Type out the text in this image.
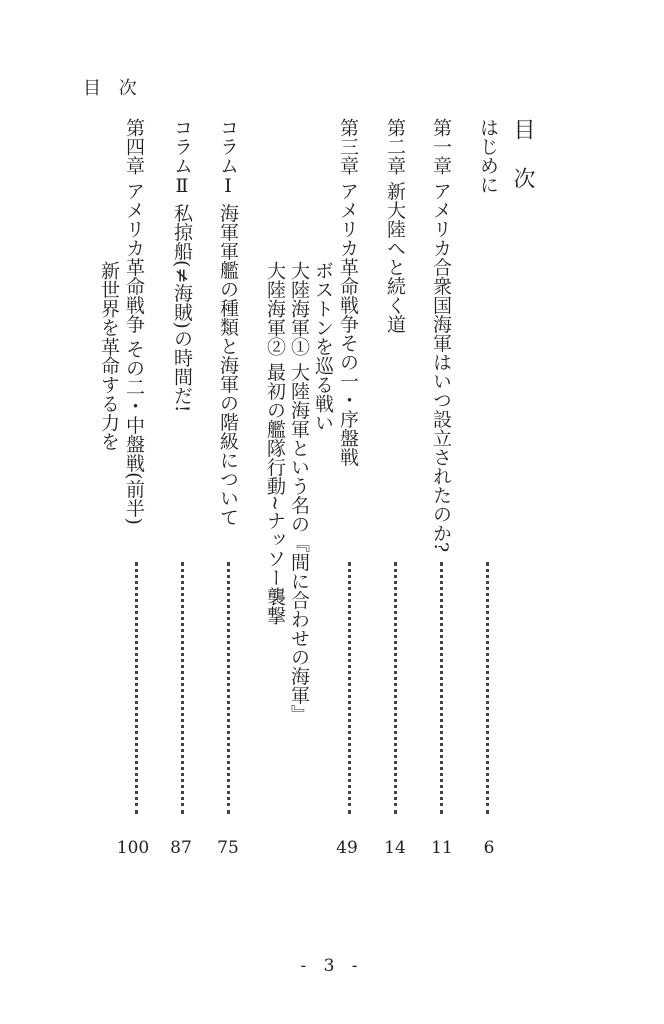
目 次
目 次
はじめに
6
第一章 アメリカ合衆国海軍はいつ設立されたのか?
11
第二章 新大陸へと続く道
14
第三章 アメリカ革命戦争その一・序盤戦
49
ボストンを巡る戦い
大陸海軍① 大陸海軍という名の『間に合わせの海軍』
大陸海軍② 最初の艦隊行動~ナッソー襲撃
コラムⅠ 海軍軍艦の種類と海軍の階級について
75
コラムⅡ 私掠船(≠海賊)の時間だ!
87
第四章 アメリカ革命戦争 その二・中盤戦(前半)
100
新世界を革命する力を
- 3 -
